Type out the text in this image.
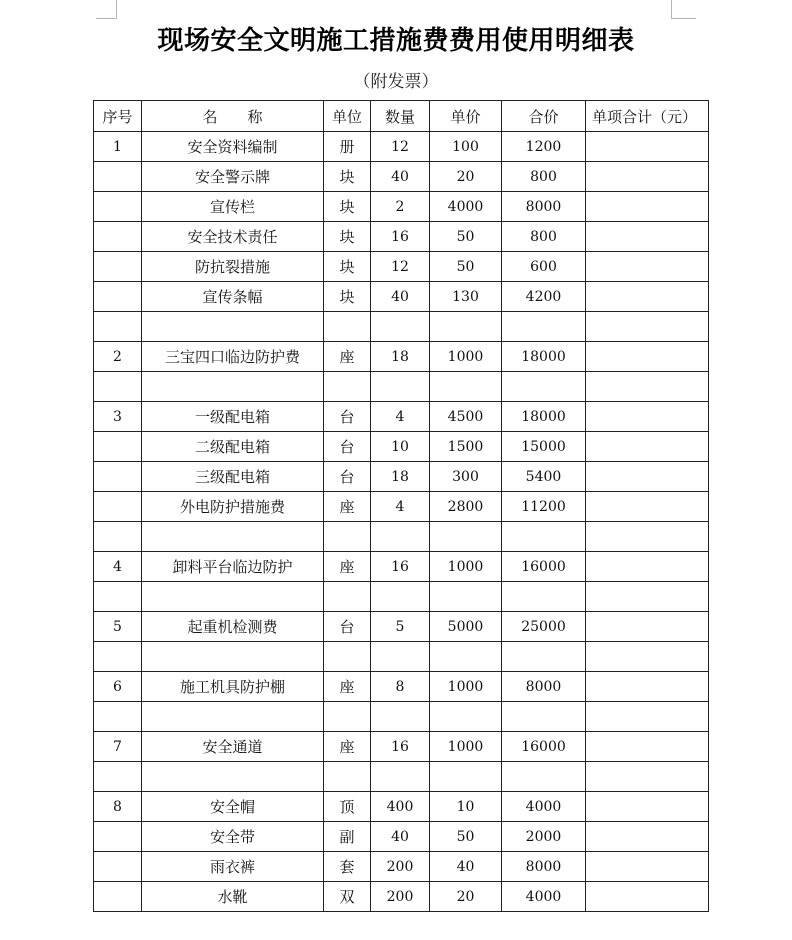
现场安全文明施工措施费费用使用明细表
（附发票）
序号	名　　称	单位	数量	单价	合价	单项合计（元）
1	安全资料编制	册	12	100	1200	
	安全警示牌	块	40	20	800	
	宣传栏	块	2	4000	8000	
	安全技术责任	块	16	50	800	
	防抗裂措施	块	12	50	600	
	宣传条幅	块	40	130	4200	

2	三宝四口临边防护费	座	18	1000	18000	

3	一级配电箱	台	4	4500	18000	
	二级配电箱	台	10	1500	15000	
	三级配电箱	台	18	300	5400	
	外电防护措施费	座	4	2800	11200	

4	卸料平台临边防护	座	16	1000	16000	

5	起重机检测费	台	5	5000	25000	

6	施工机具防护棚	座	8	1000	8000	

7	安全通道	座	16	1000	16000	

8	安全帽	顶	400	10	4000	
	安全带	副	40	50	2000	
	雨衣裤	套	200	40	8000	
	水靴	双	200	20	4000	
